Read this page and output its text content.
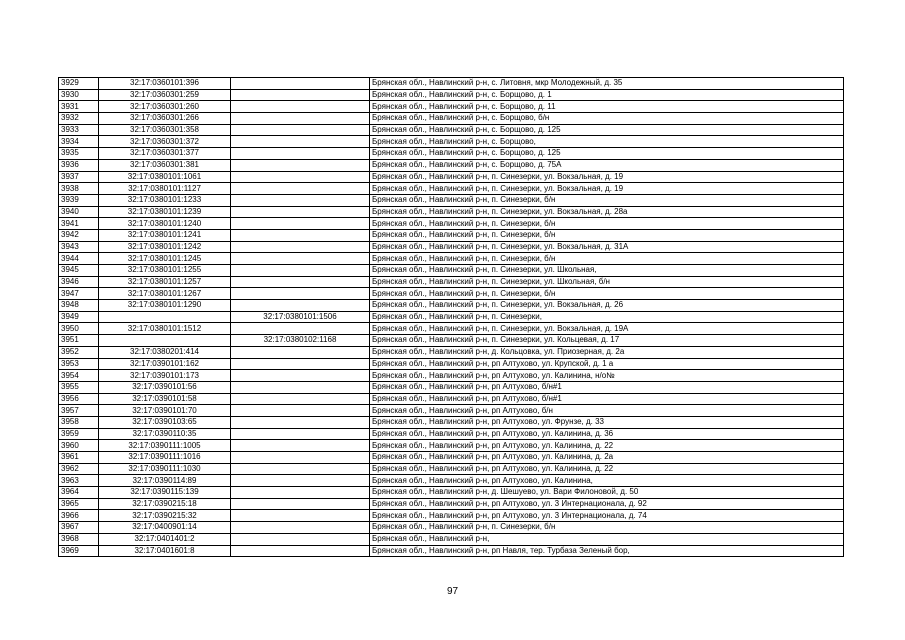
3929	32:17:0360101:396		Брянская обл., Навлинский р-н, с. Литовня, мкр Молодежный, д. 35
3930	32:17:0360301:259		Брянская обл., Навлинский р-н, с. Борщово, д. 1
3931	32:17:0360301:260		Брянская обл., Навлинский р-н, с. Борщово, д. 11
3932	32:17:0360301:266		Брянская обл., Навлинский р-н, с. Борщово, б/н
3933	32:17:0360301:358		Брянская обл., Навлинский р-н, с. Борщово, д. 125
3934	32:17:0360301:372		Брянская обл., Навлинский р-н, с. Борщово,
3935	32:17:0360301:377		Брянская обл., Навлинский р-н, с. Борщово, д. 125
3936	32:17:0360301:381		Брянская обл., Навлинский р-н, с. Борщово, д. 75А
3937	32:17:0380101:1061		Брянская обл., Навлинский р-н, п. Синезерки, ул. Вокзальная, д. 19
3938	32:17:0380101:1127		Брянская обл., Навлинский р-н, п. Синезерки, ул. Вокзальная, д. 19
3939	32:17:0380101:1233		Брянская обл., Навлинский р-н, п. Синезерки, б/н
3940	32:17:0380101:1239		Брянская обл., Навлинский р-н, п. Синезерки, ул. Вокзальная, д. 28а
3941	32:17:0380101:1240		Брянская обл., Навлинский р-н, п. Синезерки, б/н
3942	32:17:0380101:1241		Брянская обл., Навлинский р-н, п. Синезерки, б/н
3943	32:17:0380101:1242		Брянская обл., Навлинский р-н, п. Синезерки, ул. Вокзальная, д. 31А
3944	32:17:0380101:1245		Брянская обл., Навлинский р-н, п. Синезерки, б/н
3945	32:17:0380101:1255		Брянская обл., Навлинский р-н, п. Синезерки, ул. Школьная,
3946	32:17:0380101:1257		Брянская обл., Навлинский р-н, п. Синезерки, ул. Школьная, б/н
3947	32:17:0380101:1267		Брянская обл., Навлинский р-н, п. Синезерки, б/н
3948	32:17:0380101:1290		Брянская обл., Навлинский р-н, п. Синезерки, ул. Вокзальная, д. 26
3949		32:17:0380101:1506	Брянская обл., Навлинский р-н, п. Синезерки,
3950	32:17:0380101:1512		Брянская обл., Навлинский р-н, п. Синезерки, ул. Вокзальная, д. 19А
3951		32:17:0380102:1168	Брянская обл., Навлинский р-н, п. Синезерки, ул. Кольцевая, д. 17
3952	32:17:0380201:414		Брянская обл., Навлинский р-н, д. Кольцовка, ул. Приозерная, д. 2а
3953	32:17:0390101:162		Брянская обл., Навлинский р-н, рп Алтухово, ул. Крупской, д. 1 а
3954	32:17:0390101:173		Брянская обл., Навлинский р-н, рп Алтухово, ул. Калинина, н/о№
3955	32:17:0390101:56		Брянская обл., Навлинский р-н, рп Алтухово, б/н#1
3956	32:17:0390101:58		Брянская обл., Навлинский р-н, рп Алтухово, б/н#1
3957	32:17:0390101:70		Брянская обл., Навлинский р-н, рп Алтухово, б/н
3958	32:17:0390103:65		Брянская обл., Навлинский р-н, рп Алтухово, ул. Фрунзе, д. 33
3959	32:17:0390110:35		Брянская обл., Навлинский р-н, рп Алтухово, ул. Калинина, д. 36
3960	32:17:0390111:1005		Брянская обл., Навлинский р-н, рп Алтухово, ул. Калинина, д. 22
3961	32:17:0390111:1016		Брянская обл., Навлинский р-н, рп Алтухово, ул. Калинина, д. 2а
3962	32:17:0390111:1030		Брянская обл., Навлинский р-н, рп Алтухово, ул. Калинина, д. 22
3963	32:17:0390114:89		Брянская обл., Навлинский р-н, рп Алтухово, ул. Калинина,
3964	32:17:0390115:139		Брянская обл., Навлинский р-н, д. Шешуево, ул. Вари Филоновой, д. 50
3965	32:17:0390215:18		Брянская обл., Навлинский р-н, рп Алтухово, ул. 3 Интернационала, д. 92
3966	32:17:0390215:32		Брянская обл., Навлинский р-н, рп Алтухово, ул. 3 Интернационала, д. 74
3967	32:17:0400901:14		Брянская обл., Навлинский р-н, п. Синезерки, б/н
3968	32:17:0401401:2		Брянская обл., Навлинский р-н,
3969	32:17:0401601:8		Брянская обл., Навлинский р-н, рп Навля, тер. Турбаза Зеленый бор,
97
